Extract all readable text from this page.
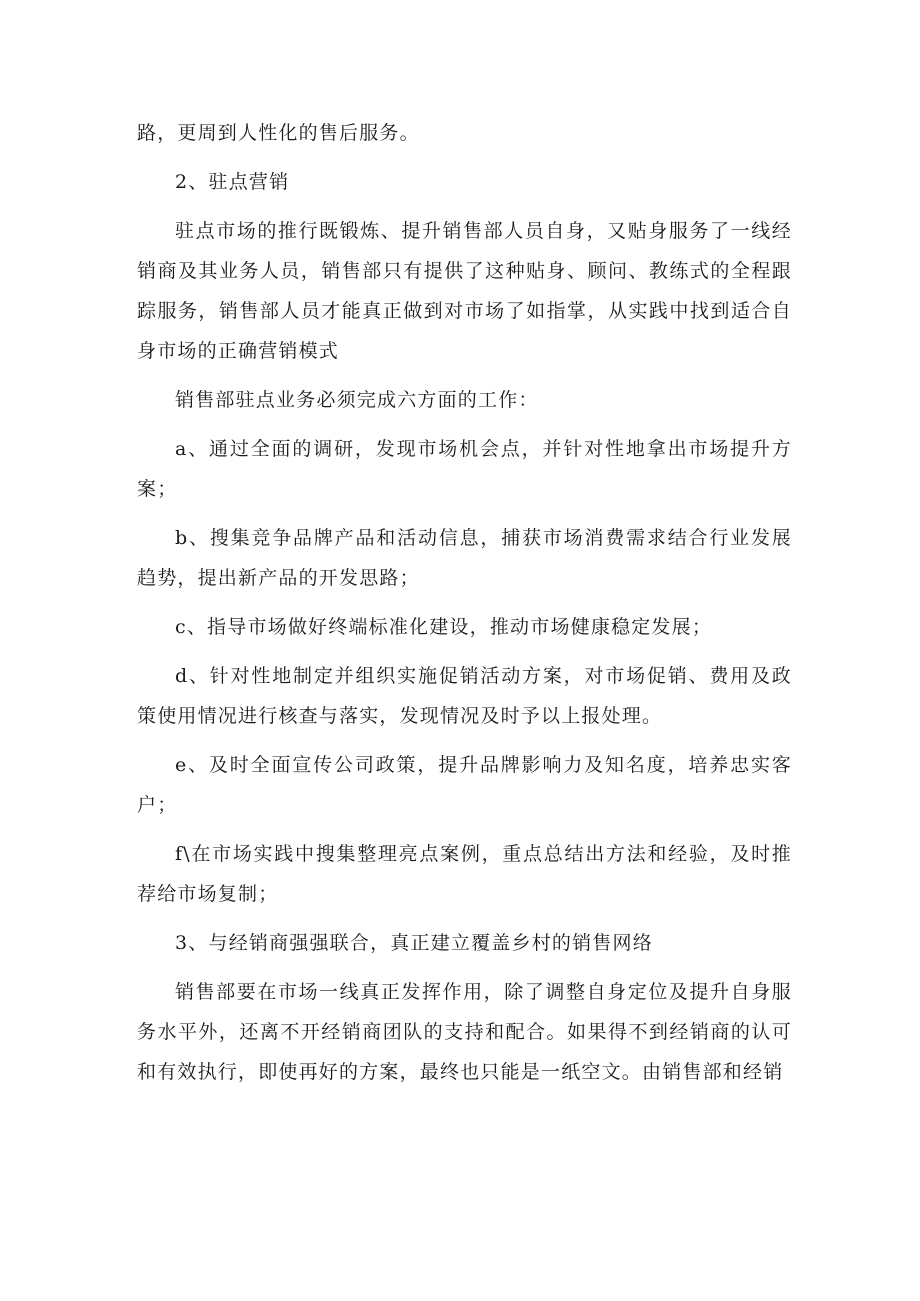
路，更周到人性化的售后服务。

2、驻点营销

驻点市场的推行既锻炼、提升销售部人员自身，又贴身服务了一线经销商及其业务人员，销售部只有提供了这种贴身、顾问、教练式的全程跟踪服务，销售部人员才能真正做到对市场了如指掌，从实践中找到适合自身市场的正确营销模式

销售部驻点业务必须完成六方面的工作：

a、通过全面的调研，发现市场机会点，并针对性地拿出市场提升方案；

b、搜集竞争品牌产品和活动信息，捕获市场消费需求结合行业发展趋势，提出新产品的开发思路；

c、指导市场做好终端标准化建设，推动市场健康稳定发展；

d、针对性地制定并组织实施促销活动方案，对市场促销、费用及政策使用情况进行核查与落实，发现情况及时予以上报处理。

e、及时全面宣传公司政策，提升品牌影响力及知名度，培养忠实客户；

f\在市场实践中搜集整理亮点案例，重点总结出方法和经验，及时推荐给市场复制；

3、与经销商强强联合，真正建立覆盖乡村的销售网络

销售部要在市场一线真正发挥作用，除了调整自身定位及提升自身服务水平外，还离不开经销商团队的支持和配合。如果得不到经销商的认可和有效执行，即使再好的方案，最终也只能是一纸空文。由销售部和经销
